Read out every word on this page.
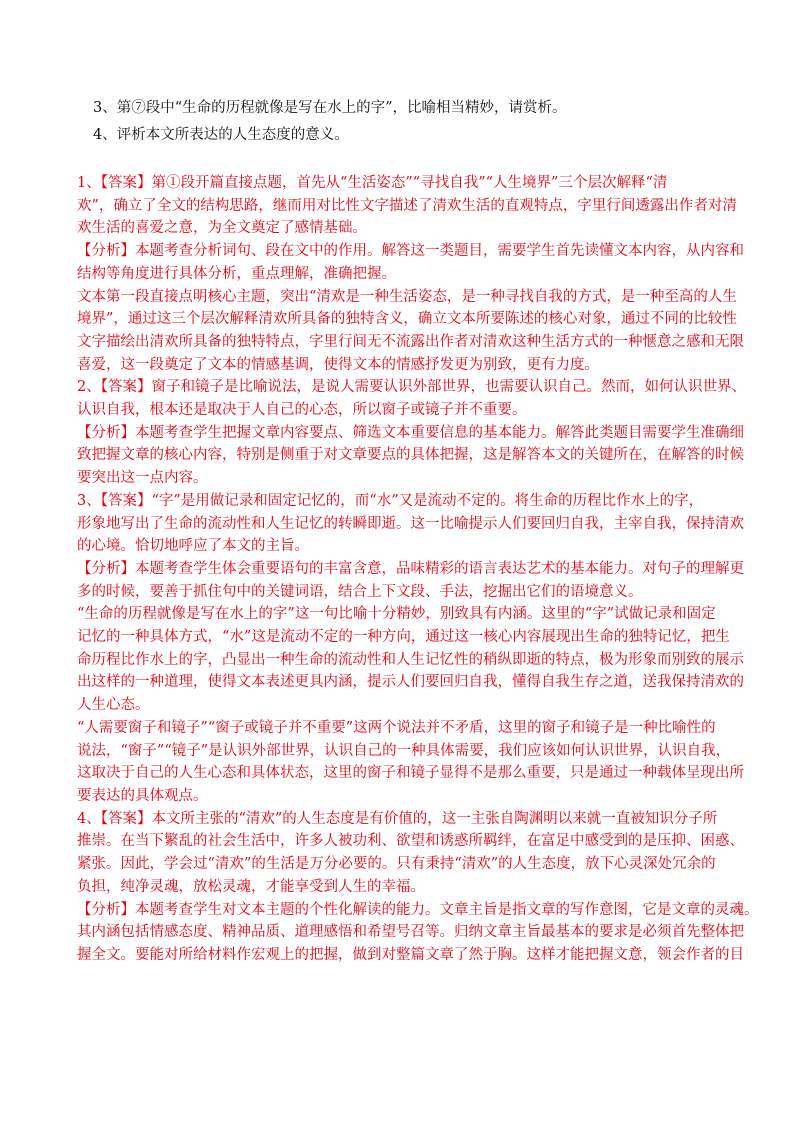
3、第⑦段中“生命的历程就像是写在水上的字”，比喻相当精妙，请赏析。
4、评析本文所表达的人生态度的意义。
1、【答案】第①段开篇直接点题，首先从“生活姿态”“寻找自我”“人生境界”三个层次解释“清
欢”，确立了全文的结构思路，继而用对比性文字描述了清欢生活的直观特点，字里行间透露出作者对清
欢生活的喜爱之意，为全文奠定了感情基础。
【分析】本题考查分析词句、段在文中的作用。解答这一类题目，需要学生首先读懂文本内容，从内容和
结构等角度进行具体分析，重点理解，准确把握。
文本第一段直接点明核心主题，突出“清欢是一种生活姿态，是一种寻找自我的方式，是一种至高的人生
境界”，通过这三个层次解释清欢所具备的独特含义，确立文本所要陈述的核心对象，通过不同的比较性
文字描绘出清欢所具备的独特特点，字里行间无不流露出作者对清欢这种生活方式的一种惬意之感和无限
喜爱，这一段奠定了文本的情感基调，使得文本的情感抒发更为别致，更有力度。
2、【答案】窗子和镜子是比喻说法，是说人需要认识外部世界，也需要认识自己。然而，如何认识世界、
认识自我，根本还是取决于人自己的心态，所以窗子或镜子并不重要。
【分析】本题考查学生把握文章内容要点、筛选文本重要信息的基本能力。解答此类题目需要学生准确细
致把握文章的核心内容，特别是侧重于对文章要点的具体把握，这是解答本文的关键所在，在解答的时候
要突出这一点内容。
3、【答案】“字”是用做记录和固定记忆的，而“水”又是流动不定的。将生命的历程比作水上的字，
形象地写出了生命的流动性和人生记忆的转瞬即逝。这一比喻提示人们要回归自我，主宰自我，保持清欢
的心境。恰切地呼应了本文的主旨。
【分析】本题考查学生体会重要语句的丰富含意，品味精彩的语言表达艺术的基本能力。对句子的理解更
多的时候，要善于抓住句中的关键词语，结合上下文段、手法，挖掘出它们的语境意义。
“生命的历程就像是写在水上的字”这一句比喻十分精妙，别致具有内涵。这里的“字”试做记录和固定
记忆的一种具体方式，“水”这是流动不定的一种方向，通过这一核心内容展现出生命的独特记忆，把生
命历程比作水上的字，凸显出一种生命的流动性和人生记忆性的稍纵即逝的特点，极为形象而别致的展示
出这样的一种道理，使得文本表述更具内涵，提示人们要回归自我，懂得自我生存之道，送我保持清欢的
人生心态。
“人需要窗子和镜子”“窗子或镜子并不重要”这两个说法并不矛盾，这里的窗子和镜子是一种比喻性的
说法，“窗子”“镜子”是认识外部世界，认识自己的一种具体需要，我们应该如何认识世界，认识自我，
这取决于自己的人生心态和具体状态，这里的窗子和镜子显得不是那么重要，只是通过一种载体呈现出所
要表达的具体观点。
4、【答案】本文所主张的“清欢”的人生态度是有价值的，这一主张自陶渊明以来就一直被知识分子所
推崇。在当下繁乱的社会生活中，许多人被功利、欲望和诱惑所羁绊，在富足中感受到的是压抑、困惑、
紧张。因此，学会过“清欢”的生活是万分必要的。只有秉持“清欢”的人生态度，放下心灵深处冗余的
负担，纯净灵魂，放松灵魂，才能享受到人生的幸福。
【分析】本题考查学生对文本主题的个性化解读的能力。文章主旨是指文章的写作意图，它是文章的灵魂。
其内涵包括情感态度、精神品质、道理感悟和希望号召等。归纳文章主旨最基本的要求是必须首先整体把
握全文。要能对所给材料作宏观上的把握，做到对整篇文章了然于胸。这样才能把握文意，领会作者的目
